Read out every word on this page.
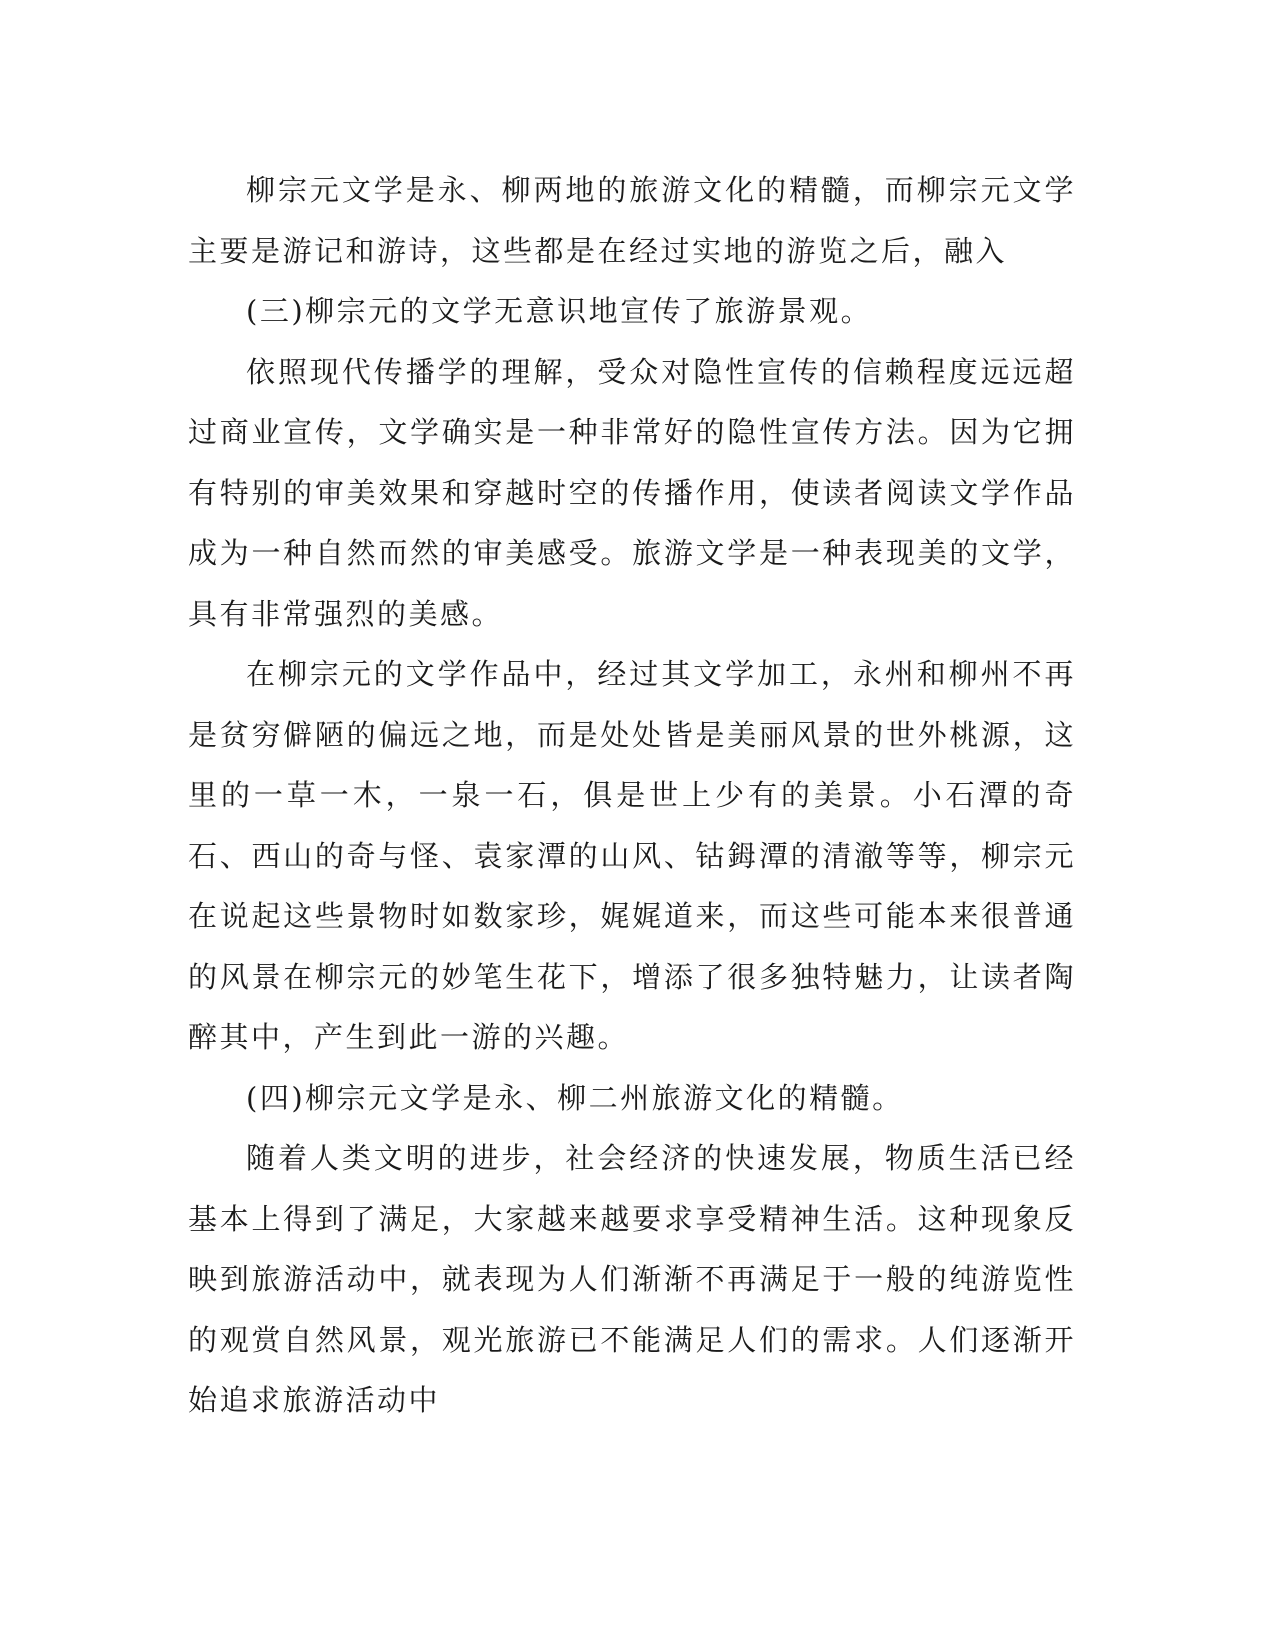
柳宗元文学是永、柳两地的旅游文化的精髓，而柳宗元文学主要是游记和游诗，这些都是在经过实地的游览之后，融入

(三)柳宗元的文学无意识地宣传了旅游景观。

依照现代传播学的理解，受众对隐性宣传的信赖程度远远超过商业宣传，文学确实是一种非常好的隐性宣传方法。因为它拥有特别的审美效果和穿越时空的传播作用，使读者阅读文学作品成为一种自然而然的审美感受。旅游文学是一种表现美的文学，具有非常强烈的美感。

在柳宗元的文学作品中，经过其文学加工，永州和柳州不再是贫穷僻陋的偏远之地，而是处处皆是美丽风景的世外桃源，这里的一草一木，一泉一石，俱是世上少有的美景。小石潭的奇石、西山的奇与怪、袁家潭的山风、钴鉧潭的清澈等等，柳宗元在说起这些景物时如数家珍，娓娓道来，而这些可能本来很普通的风景在柳宗元的妙笔生花下，增添了很多独特魅力，让读者陶醉其中，产生到此一游的兴趣。

(四)柳宗元文学是永、柳二州旅游文化的精髓。

随着人类文明的进步，社会经济的快速发展，物质生活已经基本上得到了满足，大家越来越要求享受精神生活。这种现象反映到旅游活动中，就表现为人们渐渐不再满足于一般的纯游览性的观赏自然风景，观光旅游已不能满足人们的需求。人们逐渐开始追求旅游活动中
